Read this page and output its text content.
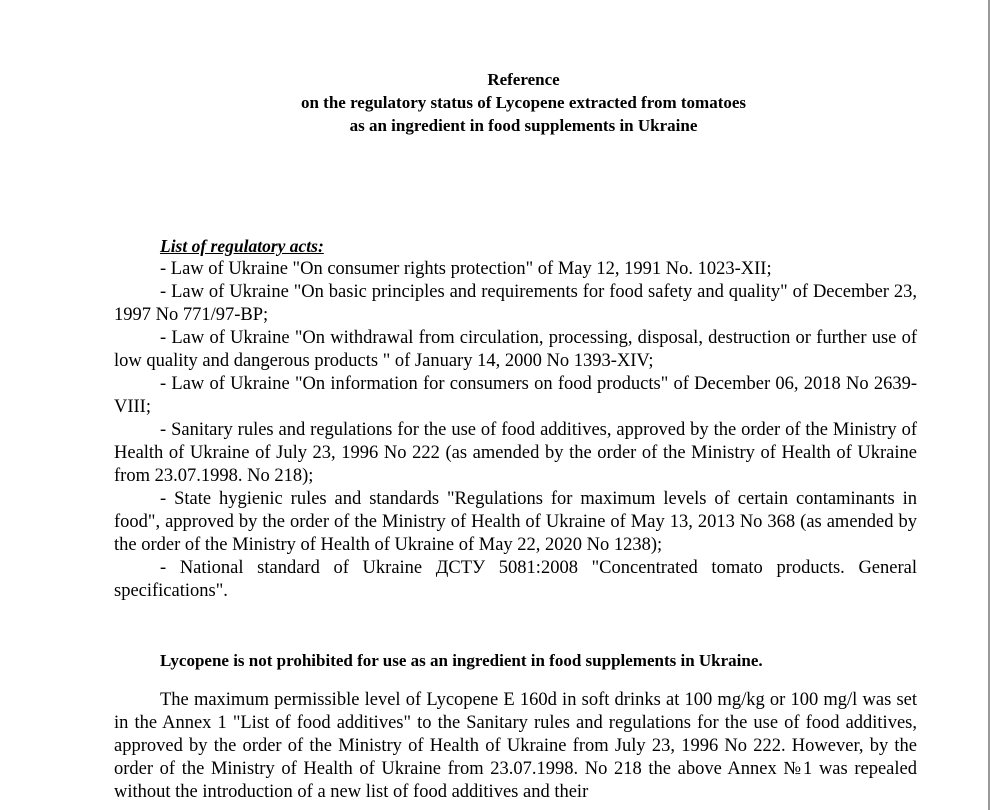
Reference
on the regulatory status of Lycopene extracted from tomatoes
as an ingredient in food supplements in Ukraine
List of regulatory acts:

- Law of Ukraine "On consumer rights protection" of May 12, 1991 No. 1023-XII;

- Law of Ukraine "On basic principles and requirements for food safety and quality" of December 23, 1997 No 771/97-BP;

- Law of Ukraine "On withdrawal from circulation, processing, disposal, destruction or further use of low quality and dangerous products " of January 14, 2000 No 1393-XIV;

- Law of Ukraine "On information for consumers on food products" of December 06, 2018 No 2639-VIII;

- Sanitary rules and regulations for the use of food additives, approved by the order of the Ministry of Health of Ukraine of July 23, 1996 No 222 (as amended by the order of the Ministry of Health of Ukraine from 23.07.1998. No 218);

- State hygienic rules and standards "Regulations for maximum levels of certain contaminants in food", approved by the order of the Ministry of Health of Ukraine of May 13, 2013 No 368 (as amended by the order of the Ministry of Health of Ukraine of May 22, 2020 No 1238);

- National standard of Ukraine ДСТУ 5081:2008 "Concentrated tomato products. General specifications".

Lycopene is not prohibited for use as an ingredient in food supplements in Ukraine.

The maximum permissible level of Lycopene E 160d in soft drinks at 100 mg/kg or 100 mg/l was set in the Annex 1 "List of food additives" to the Sanitary rules and regulations for the use of food additives, approved by the order of the Ministry of Health of Ukraine from July 23, 1996 No 222. However, by the order of the Ministry of Health of Ukraine from 23.07.1998. No 218 the above Annex №1 was repealed without the introduction of a new list of food additives and their
